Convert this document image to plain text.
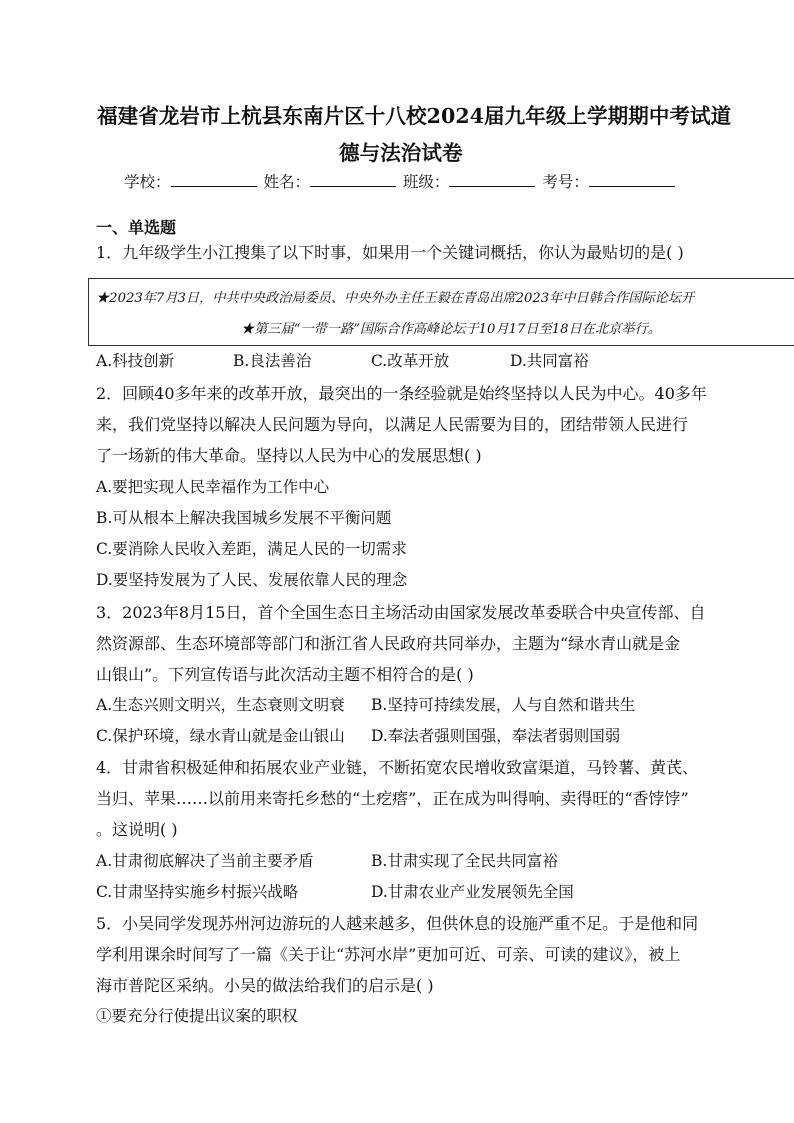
福建省龙岩市上杭县东南片区十八校2024届九年级上学期期中考试道
德与法治试卷
学校：	姓名：	班级：	考号：
一、单选题
1．九年级学生小江搜集了以下时事，如果用一个关键词概括，你认为最贴切的是( )
★2023年7月3日，中共中央政治局委员、中央外办主任王毅在青岛出席2023年中日韩合作国际论坛开
★第三届“一带一路”国际合作高峰论坛于10月17日至18日在北京举行。
A.科技创新	B.良法善治	C.改革开放	D.共同富裕
2．回顾40多年来的改革开放，最突出的一条经验就是始终坚持以人民为中心。40多年
来，我们党坚持以解决人民问题为导向，以满足人民需要为目的，团结带领人民进行
了一场新的伟大革命。坚持以人民为中心的发展思想( )
A.要把实现人民幸福作为工作中心
B.可从根本上解决我国城乡发展不平衡问题
C.要消除人民收入差距，满足人民的一切需求
D.要坚持发展为了人民、发展依靠人民的理念
3．2023年8月15日，首个全国生态日主场活动由国家发展改革委联合中央宣传部、自
然资源部、生态环境部等部门和浙江省人民政府共同举办，主题为“绿水青山就是金
山银山”。下列宣传语与此次活动主题不相符合的是( )
A.生态兴则文明兴，生态衰则文明衰 B.坚持可持续发展，人与自然和谐共生
C.保护环境，绿水青山就是金山银山 D.奉法者强则国强，奉法者弱则国弱
4．甘肃省积极延伸和拓展农业产业链，不断拓宽农民增收致富渠道，马铃薯、黄芪、
当归、苹果……以前用来寄托乡愁的“土疙瘩”，正在成为叫得响、卖得旺的“香饽饽”
。这说明( )
A.甘肃彻底解决了当前主要矛盾	B.甘肃实现了全民共同富裕
C.甘肃坚持实施乡村振兴战略	D.甘肃农业产业发展领先全国
5．小吴同学发现苏州河边游玩的人越来越多，但供休息的设施严重不足。于是他和同
学利用课余时间写了一篇《关于让“苏河水岸”更加可近、可亲、可读的建议》，被上
海市普陀区采纳。小吴的做法给我们的启示是( )
①要充分行使提出议案的职权
